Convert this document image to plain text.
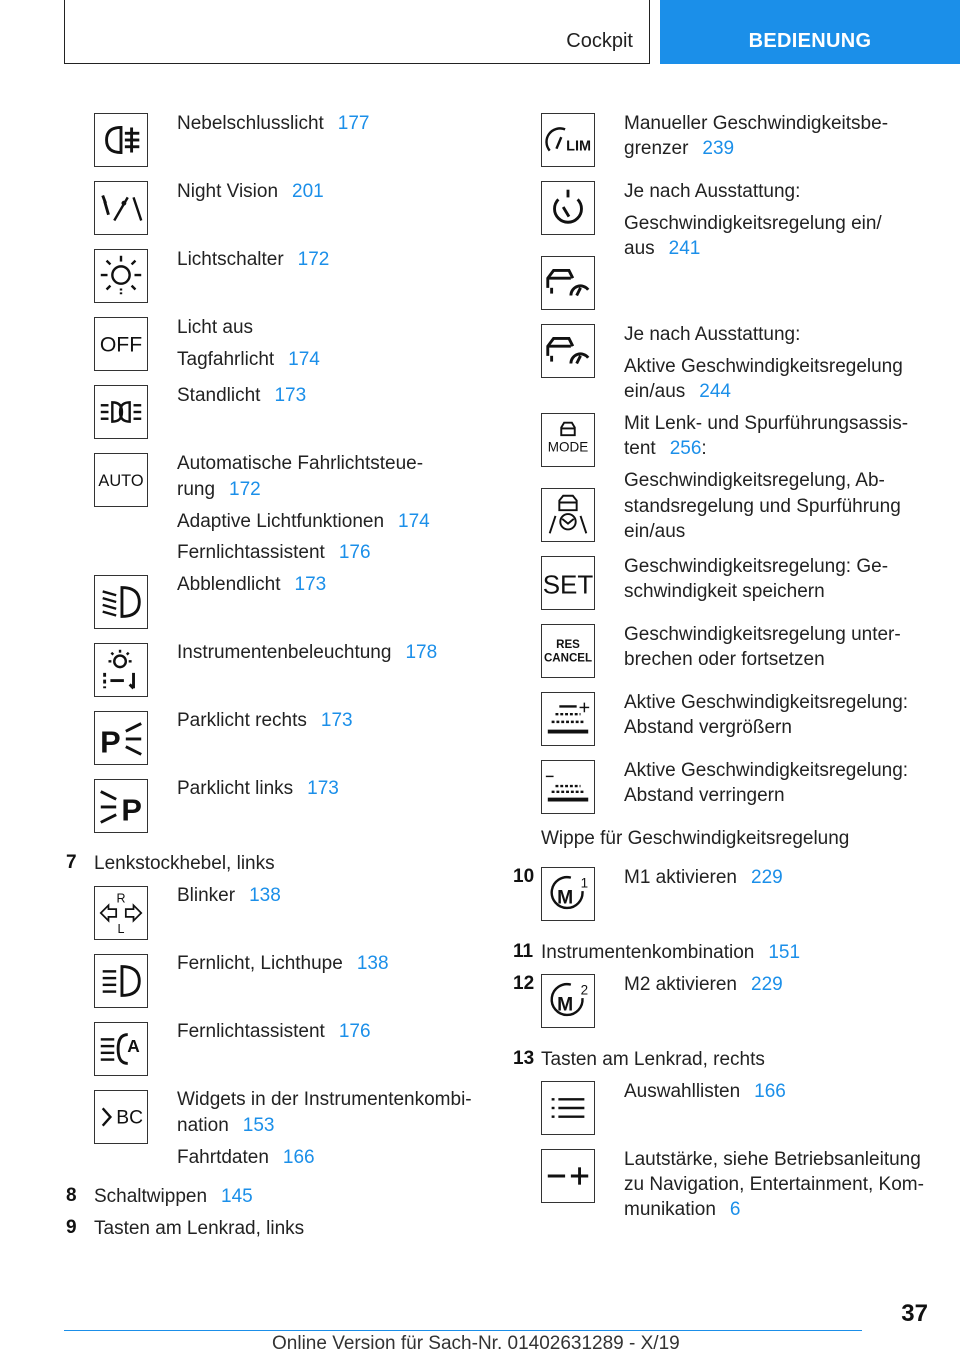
Cockpit	BEDIENUNG
Nebelschlusslicht 177
Night Vision 201
Lichtschalter 172
OFF
Licht aus
Tagfahrlicht 174
Standlicht 173
AUTO
Automatische Fahrlichtsteue-
rung 172
Adaptive Lichtfunktionen 174
Fernlichtassistent 176
Abblendlicht 173
Instrumentenbeleuchtung 178
P
Parklicht rechts 173
P
Parklicht links 173
7 Lenkstockhebel, links
R
L
Blinker 138
Fernlicht, Lichthupe 138
A
Fernlichtassistent 176
BC
Widgets in der Instrumentenkombi-
nation 153
Fahrtdaten 166
8 Schaltwippen 145
9 Tasten am Lenkrad, links
LIM
Manueller Geschwindigkeitsbe-
grenzer 239
Je nach Ausstattung:
Geschwindigkeitsregelung ein/
aus 241
Je nach Ausstattung:
Aktive Geschwindigkeitsregelung
ein/aus 244
MODE
Mit Lenk- und Spurführungsassis-
tent 256:
Geschwindigkeitsregelung, Ab-
standsregelung und Spurführung
ein/aus
SET
Geschwindigkeitsregelung: Ge-
schwindigkeit speichern
RES
CANCEL
Geschwindigkeitsregelung unter-
brechen oder fortsetzen
Aktive Geschwindigkeitsregelung:
Abstand vergrößern
Aktive Geschwindigkeitsregelung:
Abstand verringern
Wippe für Geschwindigkeitsregelung
10
M
1 M1 aktivieren 229
11 Instrumentenkombination 151
12
M
2 M2 aktivieren 229
13 Tasten am Lenkrad, rechts
Auswahllisten 166
Lautstärke, siehe Betriebsanleitung
zu Navigation, Entertainment, Kom-
munikation 6
37
Online Version für Sach-Nr. 01402631289 - X/19
